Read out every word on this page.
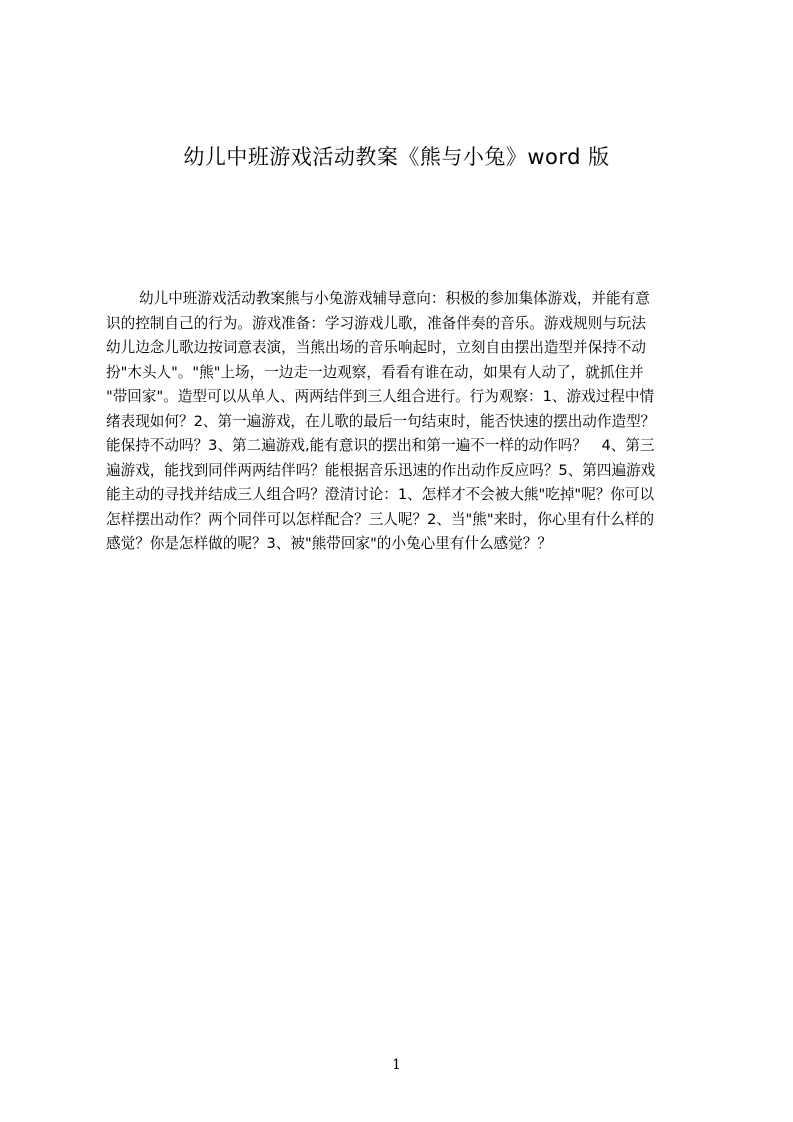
幼儿中班游戏活动教案《熊与小兔》word 版

幼儿中班游戏活动教案熊与小兔游戏辅导意向：积极的参加集体游戏，并能有意

识的控制自己的行为。游戏准备：学习游戏儿歌，准备伴奏的音乐。游戏规则与玩法

幼儿边念儿歌边按词意表演，当熊出场的音乐响起时，立刻自由摆出造型并保持不动

扮"木头人"。"熊"上场，一边走一边观察，看看有谁在动，如果有人动了，就抓住并

"带回家"。造型可以从单人、两两结伴到三人组合进行。行为观察：1、游戏过程中情

绪表现如何？2、第一遍游戏，在儿歌的最后一句结束时，能否快速的摆出动作造型？

能保持不动吗？3、第二遍游戏,能有意识的摆出和第一遍不一样的动作吗？　4、第三

遍游戏，能找到同伴两两结伴吗？能根据音乐迅速的作出动作反应吗？5、第四遍游戏

能主动的寻找并结成三人组合吗？澄清讨论：1、怎样才不会被大熊"吃掉"呢？你可以

怎样摆出动作？两个同伴可以怎样配合？三人呢？2、当"熊"来时，你心里有什么样的

感觉？你是怎样做的呢？3、被"熊带回家"的小兔心里有什么感觉？？

1
